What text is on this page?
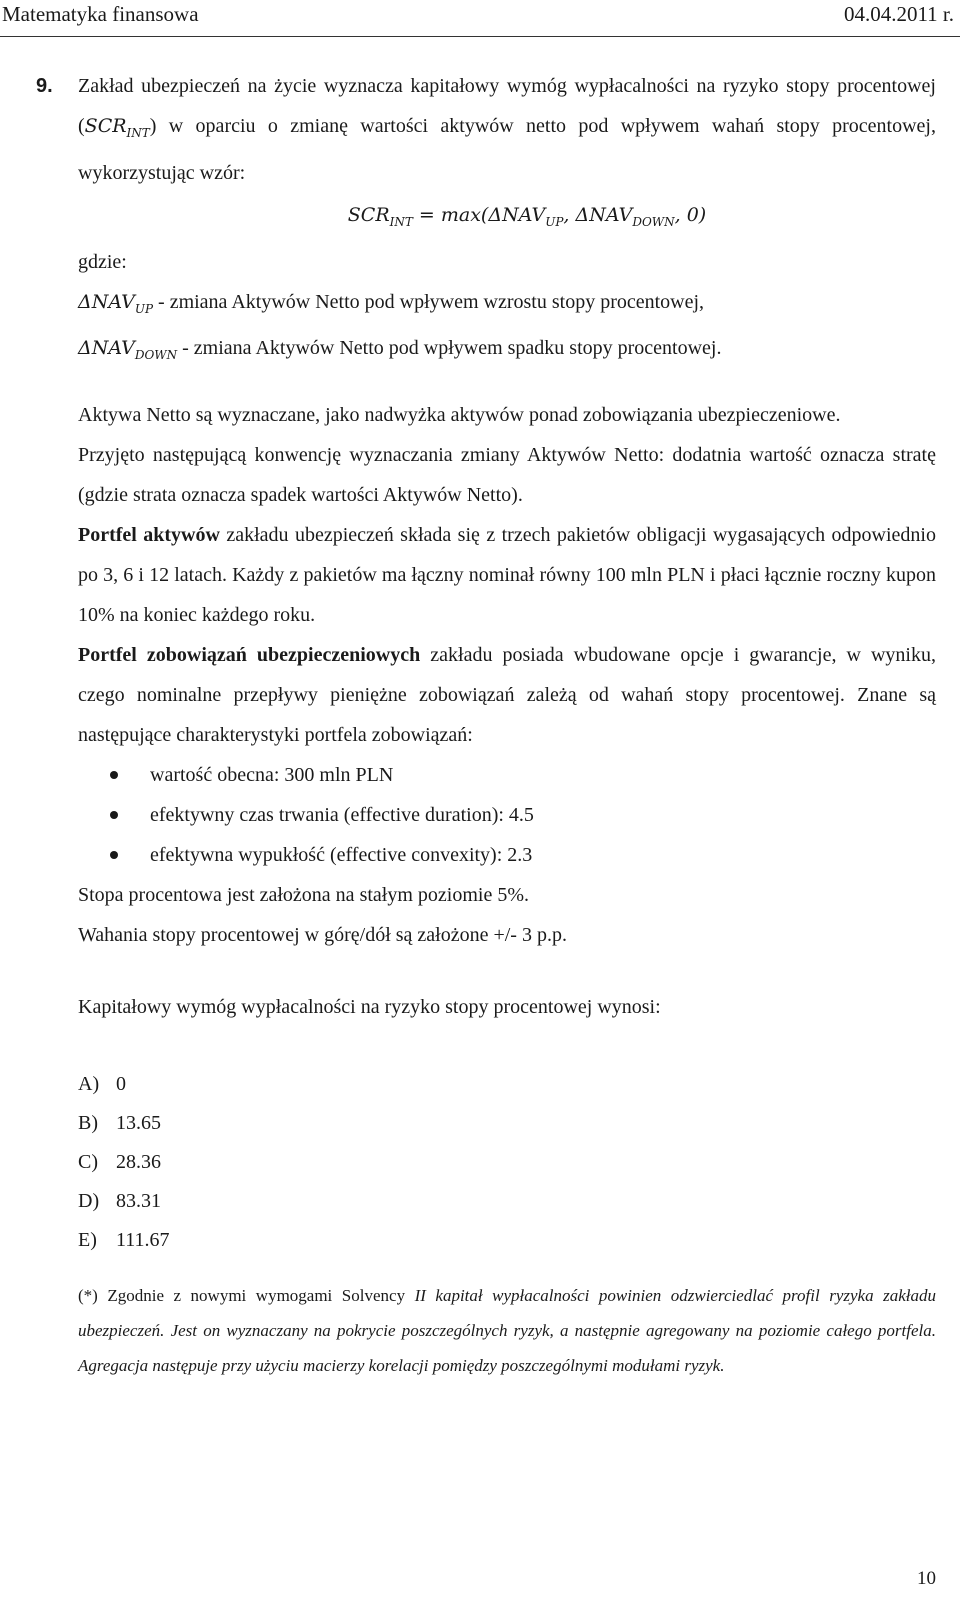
Matematyka finansowa	04.04.2011 r.
9. Zakład ubezpieczeń na życie wyznacza kapitałowy wymóg wypłacalności na ryzyko stopy procentowej $(SCR_{INT})$ w oparciu o zmianę wartości aktywów netto pod wpływem wahań stopy procentowej, wykorzystując wzór:

$SCR_{INT} = \max(\Delta NAV_{UP}$, $\Delta NAV_{DOWN}$, 0)

gdzie:

$\Delta NAV_{UP}$ - zmiana Aktywów Netto pod wpływem wzrostu stopy procentowej,

$\Delta NAV_{DOWN}$ - zmiana Aktywów Netto pod wpływem spadku stopy procentowej.

Aktywa Netto są wyznaczane, jako nadwyżka aktywów ponad zobowiązania ubezpieczeniowe.

Przyjęto następującą konwencję wyznaczania zmiany Aktywów Netto: dodatnia wartość oznacza stratę (gdzie strata oznacza spadek wartości Aktywów Netto).

Portfel aktywów zakładu ubezpieczeń składa się z trzech pakietów obligacji wygasających odpowiednio po 3, 6 i 12 latach. Każdy z pakietów ma łączny nominał równy 100 mln PLN i płaci łącznie roczny kupon 10% na koniec każdego roku.

Portfel zobowiązań ubezpieczeniowych zakładu posiada wbudowane opcje i gwarancje, w wyniku, czego nominalne przepływy pieniężne zobowiązań zależą od wahań stopy procentowej. Znane są następujące charakterystyki portfela zobowiązań:

wartość obecna: 300 mln PLN
efektywny czas trwania (effective duration): 4.5
efektywna wypukłość (effective convexity): 2.3

Stopa procentowa jest założona na stałym poziomie 5%.

Wahania stopy procentowej w górę/dół są założone +/- 3 p.p.

Kapitałowy wymóg wypłacalności na ryzyko stopy procentowej wynosi:

A) 0
B) 13.65
C) 28.36
D) 83.31
E) 111.67

(*) Zgodnie z nowymi wymogami Solvency II kapitał wypłacalności powinien odzwierciedlać profil ryzyka zakładu ubezpieczeń. Jest on wyznaczany na pokrycie poszczególnych ryzyk, a następnie agregowany na poziomie całego portfela. Agregacja następuje przy użyciu macierzy korelacji pomiędzy poszczególnymi modułami ryzyk.

10
